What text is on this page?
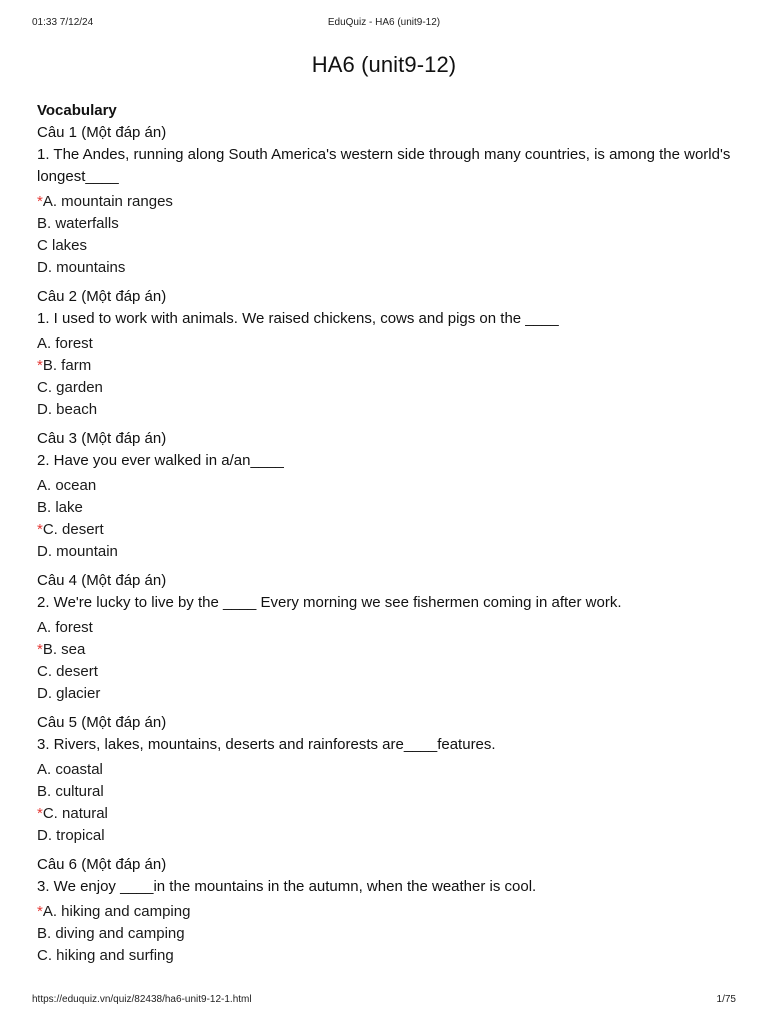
01:33 7/12/24	EduQuiz - HA6 (unit9-12)
HA6 (unit9-12)
Vocabulary
Câu 1 (Một đáp án)
1. The Andes, running along South America's western side through many countries, is among the world's longest____
*A. mountain ranges
B. waterfalls
C lakes
D. mountains
Câu 2 (Một đáp án)
1. I used to work with animals. We raised chickens, cows and pigs on the ____
A. forest
*B. farm
C. garden
D. beach
Câu 3 (Một đáp án)
2. Have you ever walked in a/an____
A. ocean
B. lake
*C. desert
D. mountain
Câu 4 (Một đáp án)
2. We're lucky to live by the ____ Every morning we see fishermen coming in after work.
A. forest
*B. sea
C. desert
D. glacier
Câu 5 (Một đáp án)
3. Rivers, lakes, mountains, deserts and rainforests are____features.
A. coastal
B. cultural
*C. natural
D. tropical
Câu 6 (Một đáp án)
3. We enjoy ____in the mountains in the autumn, when the weather is cool.
*A. hiking and camping
B. diving and camping
C. hiking and surfing
https://eduquiz.vn/quiz/82438/ha6-unit9-12-1.html	1/75
